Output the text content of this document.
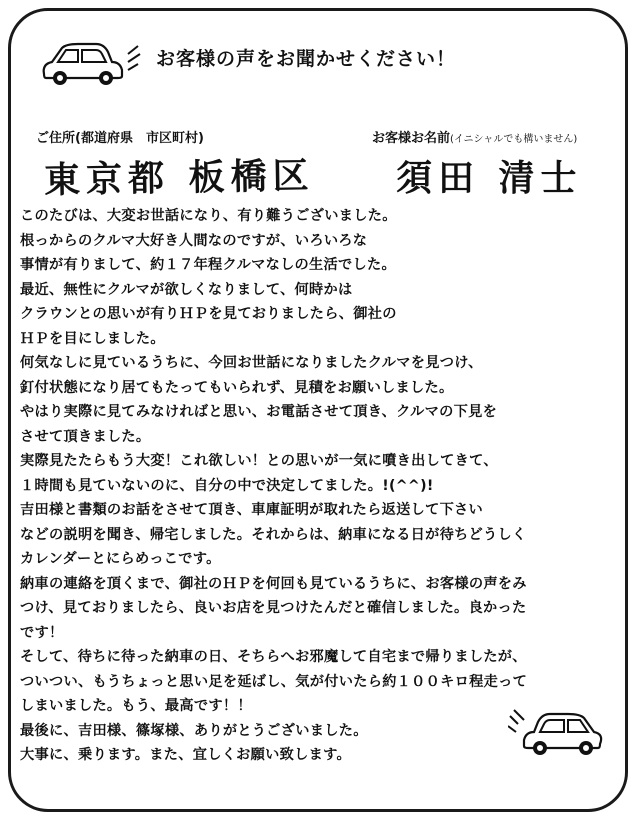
お客様の声をお聞かせください！
ご住所(都道府県　市区町村)	お客様お名前(イニシャルでも構いません)
東京都 板橋区 須田 清士
このたびは、大変お世話になり、有り難うございました。
根っからのクルマ大好き人間なのですが、いろいろな
事情が有りまして、約１７年程クルマなしの生活でした。
最近、無性にクルマが欲しくなりまして、何時かは
クラウンとの思いが有りＨＰを見ておりましたら、御社の
ＨＰを目にしました。
何気なしに見ているうちに、今回お世話になりましたクルマを見つけ、
釘付状態になり居てもたってもいられず、見積をお願いしました。
やはり実際に見てみなければと思い、お電話させて頂き、クルマの下見を
させて頂きました。
実際見たたらもう大変！これ欲しい！との思いが一気に噴き出してきて、
１時間も見ていないのに、自分の中で決定してました。!(^^)!
吉田様と書類のお話をさせて頂き、車庫証明が取れたら返送して下さい
などの説明を聞き、帰宅しました。それからは、納車になる日が待ちどうしく
カレンダーとにらめっこです。
納車の連絡を頂くまで、御社のＨＰを何回も見ているうちに、お客様の声をみ
つけ、見ておりましたら、良いお店を見つけたんだと確信しました。良かった
です！
そして、待ちに待った納車の日、そちらへお邪魔して自宅まで帰りましたが、
ついつい、もうちょっと思い足を延ばし、気が付いたら約１００キロ程走って
しまいました。もう、最高です！！
最後に、吉田様、篠塚様、ありがとうございました。
大事に、乗ります。また、宜しくお願い致します。
